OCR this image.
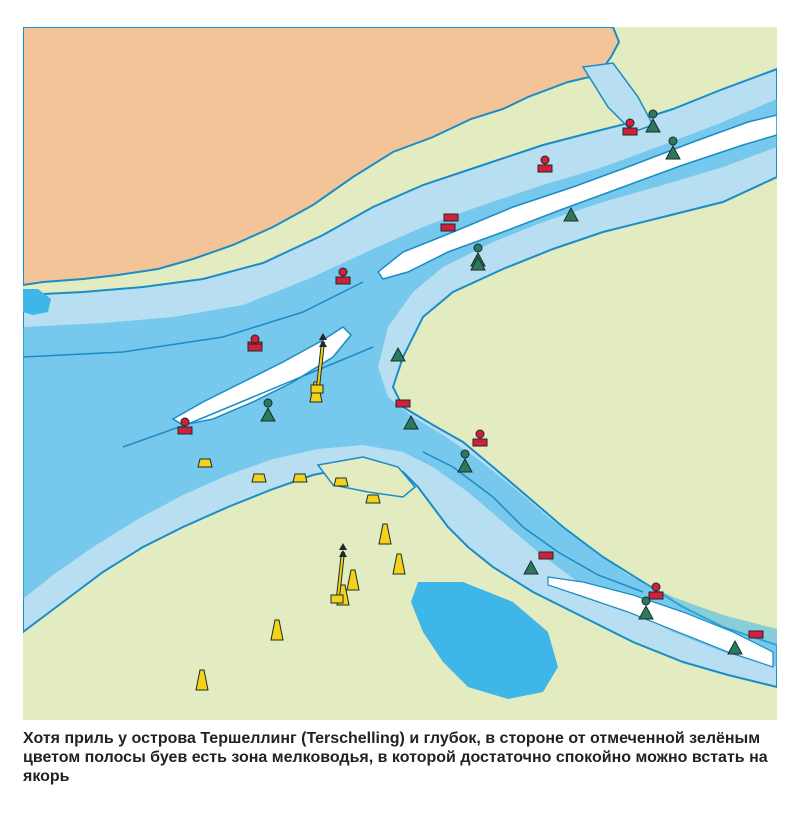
Хотя приль у острова Тершеллинг (Terschelling) и глубок, в стороне от отмеченной зелёным цветом полосы буев есть зона мелководья, в которой достаточно спокойно можно встать на якорь
